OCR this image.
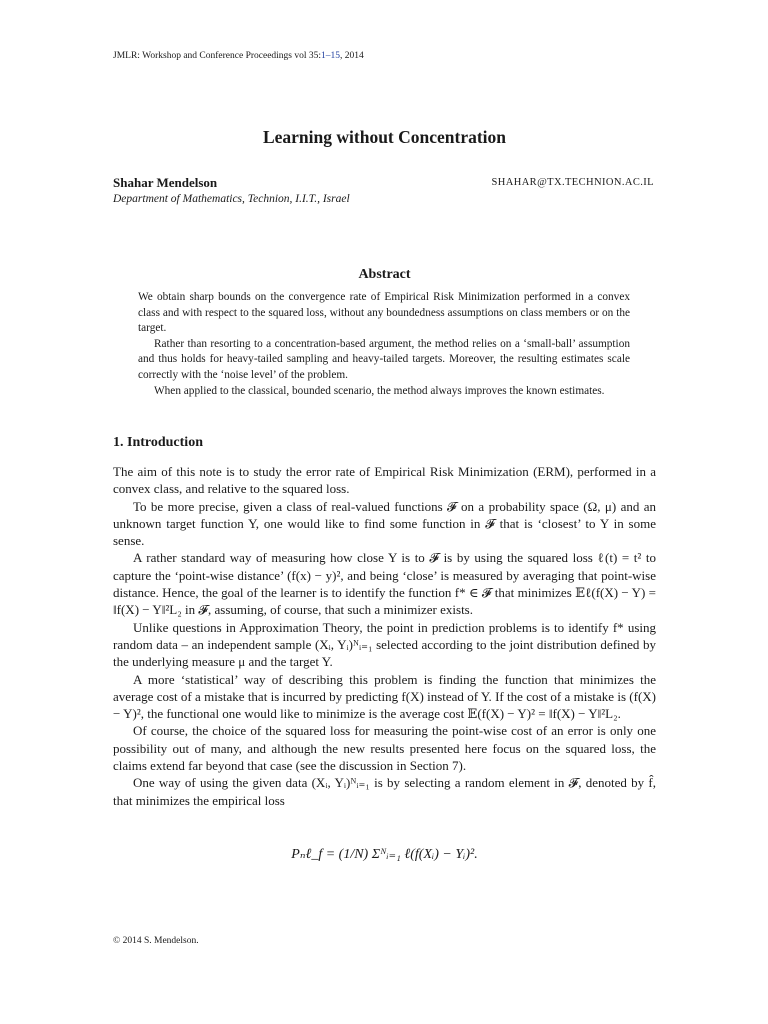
JMLR: Workshop and Conference Proceedings vol 35:1–15, 2014
Learning without Concentration
Shahar Mendelson	SHAHAR@TX.TECHNION.AC.IL
Department of Mathematics, Technion, I.I.T., Israel
Abstract

We obtain sharp bounds on the convergence rate of Empirical Risk Minimization performed in a convex class and with respect to the squared loss, without any boundedness assumptions on class members or on the target.

Rather than resorting to a concentration-based argument, the method relies on a ‘small-ball’ assumption and thus holds for heavy-tailed sampling and heavy-tailed targets. Moreover, the resulting estimates scale correctly with the ‘noise level’ of the problem.

When applied to the classical, bounded scenario, the method always improves the known estimates.

1. Introduction

The aim of this note is to study the error rate of Empirical Risk Minimization (ERM), performed in a convex class, and relative to the squared loss.

To be more precise, given a class of real-valued functions 𝓕 on a probability space (Ω, μ) and an unknown target function Y, one would like to find some function in 𝓕 that is ‘closest’ to Y in some sense.

A rather standard way of measuring how close Y is to 𝓕 is by using the squared loss ℓ(t) = t² to capture the ‘point-wise distance’ (f(x) − y)², and being ‘close’ is measured by averaging that point-wise distance. Hence, the goal of the learner is to identify the function f* ∈ 𝓕 that minimizes 𝔼ℓ(f(X) − Y) = ‖f(X) − Y‖²L₂ in 𝓕, assuming, of course, that such a minimizer exists.

Unlike questions in Approximation Theory, the point in prediction problems is to identify f* using random data – an independent sample (Xᵢ, Yᵢ)ᴺᵢ₌₁ selected according to the joint distribution defined by the underlying measure μ and the target Y.

A more ‘statistical’ way of describing this problem is finding the function that minimizes the average cost of a mistake that is incurred by predicting f(X) instead of Y. If the cost of a mistake is (f(X) − Y)², the functional one would like to minimize is the average cost 𝔼(f(X) − Y)² = ‖f(X) − Y‖²L₂.

Of course, the choice of the squared loss for measuring the point-wise cost of an error is only one possibility out of many, and although the new results presented here focus on the squared loss, the claims extend far beyond that case (see the discussion in Section 7).

One way of using the given data (Xᵢ, Yᵢ)ᴺᵢ₌₁ is by selecting a random element in 𝓕, denoted by f̂, that minimizes the empirical loss

Pₙℓ_f = (1/N) Σᴺᵢ₌₁ ℓ(f(Xᵢ) − Yᵢ)².
© 2014 S. Mendelson.
